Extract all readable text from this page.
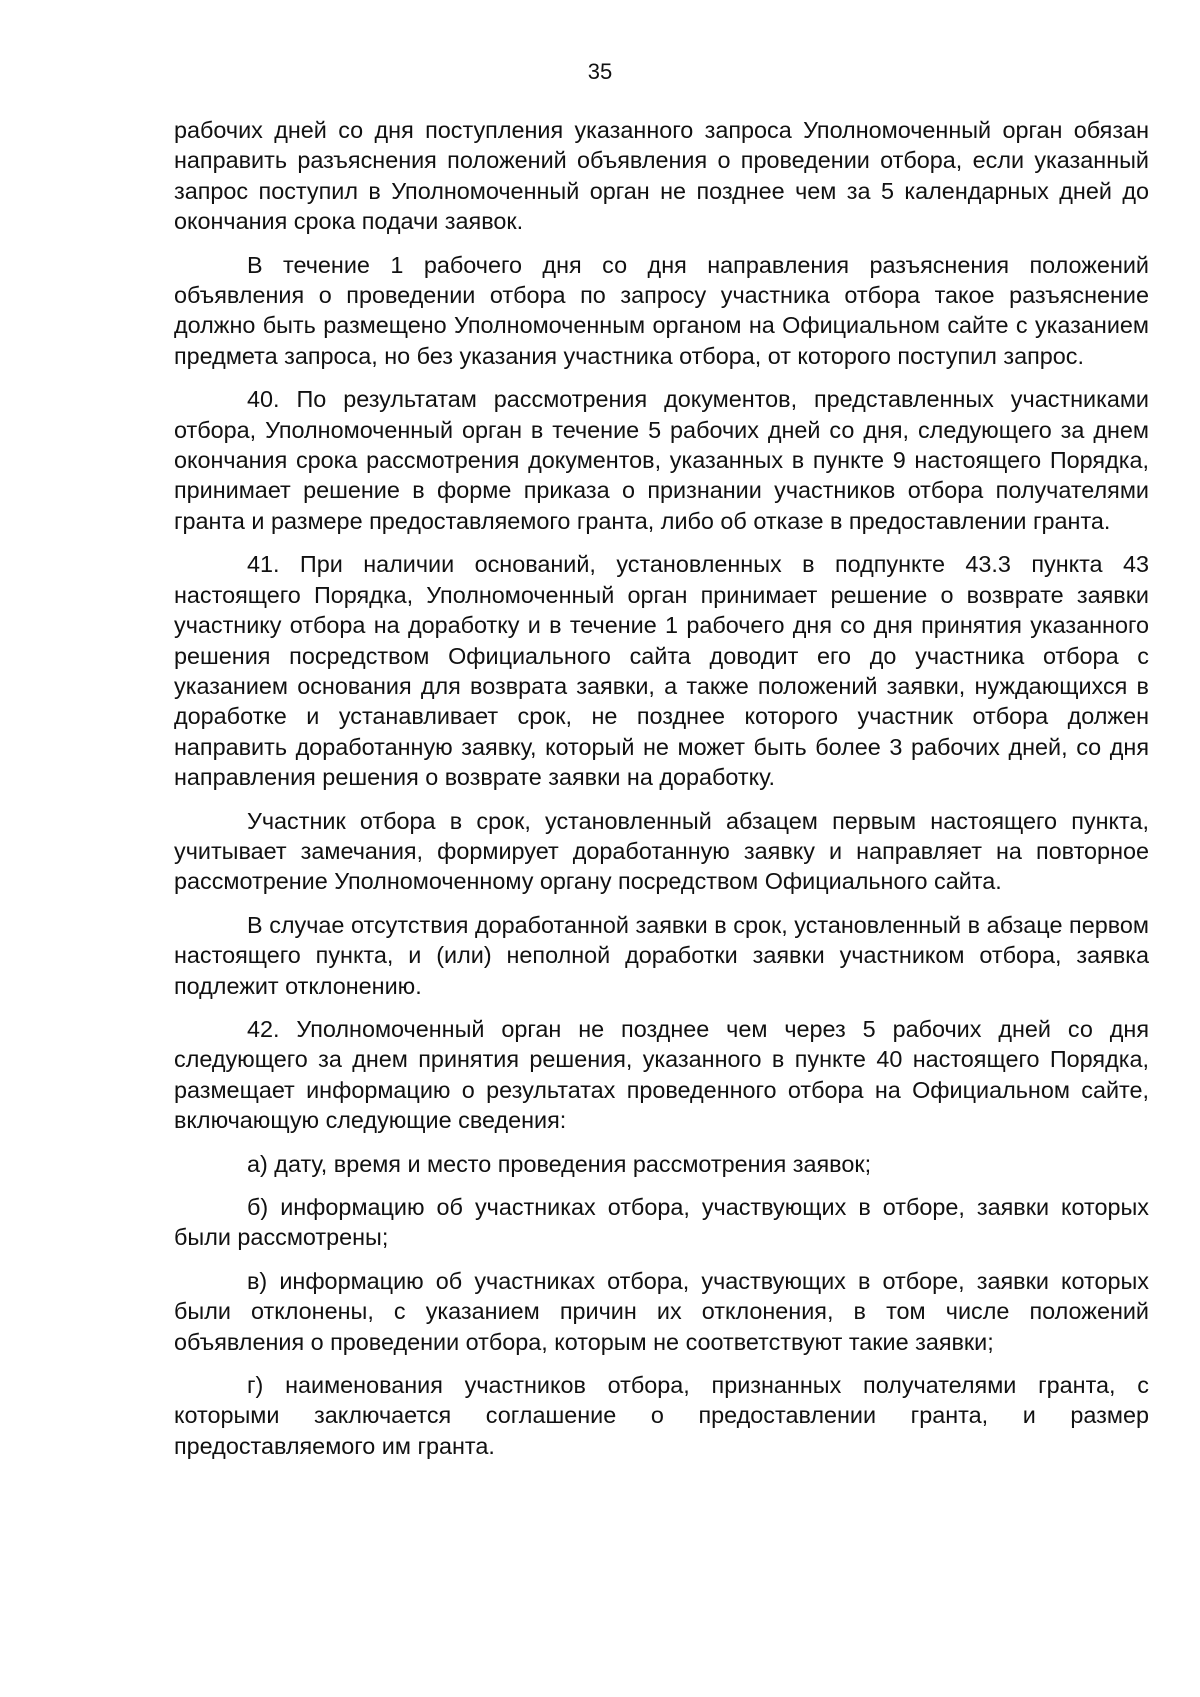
35

рабочих дней со дня поступления указанного запроса Уполномоченный орган обязан направить разъяснения положений объявления о проведении отбора, если указанный запрос поступил в Уполномоченный орган не позднее чем за 5 календарных дней до окончания срока подачи заявок.

В течение 1 рабочего дня со дня направления разъяснения положений объявления о проведении отбора по запросу участника отбора такое разъяснение должно быть размещено Уполномоченным органом на Официальном сайте с указанием предмета запроса, но без указания участника отбора, от которого поступил запрос.

40. По результатам рассмотрения документов, представленных участниками отбора, Уполномоченный орган в течение 5 рабочих дней со дня, следующего за днем окончания срока рассмотрения документов, указанных в пункте 9 настоящего Порядка, принимает решение в форме приказа о признании участников отбора получателями гранта и размере предоставляемого гранта, либо об отказе в предоставлении гранта.

41. При наличии оснований, установленных в подпункте 43.3 пункта 43 настоящего Порядка, Уполномоченный орган принимает решение о возврате заявки участнику отбора на доработку и в течение 1 рабочего дня со дня принятия указанного решения посредством Официального сайта доводит его до участника отбора с указанием основания для возврата заявки, а также положений заявки, нуждающихся в доработке и устанавливает срок, не позднее которого участник отбора должен направить доработанную заявку, который не может быть более 3 рабочих дней, со дня направления решения о возврате заявки на доработку.

Участник отбора в срок, установленный абзацем первым настоящего пункта, учитывает замечания, формирует доработанную заявку и направляет на повторное рассмотрение Уполномоченному органу посредством Официального сайта.

В случае отсутствия доработанной заявки в срок, установленный в абзаце первом настоящего пункта, и (или) неполной доработки заявки участником отбора, заявка подлежит отклонению.

42. Уполномоченный орган не позднее чем через 5 рабочих дней со дня следующего за днем принятия решения, указанного в пункте 40 настоящего Порядка, размещает информацию о результатах проведенного отбора на Официальном сайте, включающую следующие сведения:

а) дату, время и место проведения рассмотрения заявок;

б) информацию об участниках отбора, участвующих в отборе, заявки которых были рассмотрены;

в) информацию об участниках отбора, участвующих в отборе, заявки которых были отклонены, с указанием причин их отклонения, в том числе положений объявления о проведении отбора, которым не соответствуют такие заявки;

г) наименования участников отбора, признанных получателями гранта, с которыми заключается соглашение о предоставлении гранта, и размер предоставляемого им гранта.
